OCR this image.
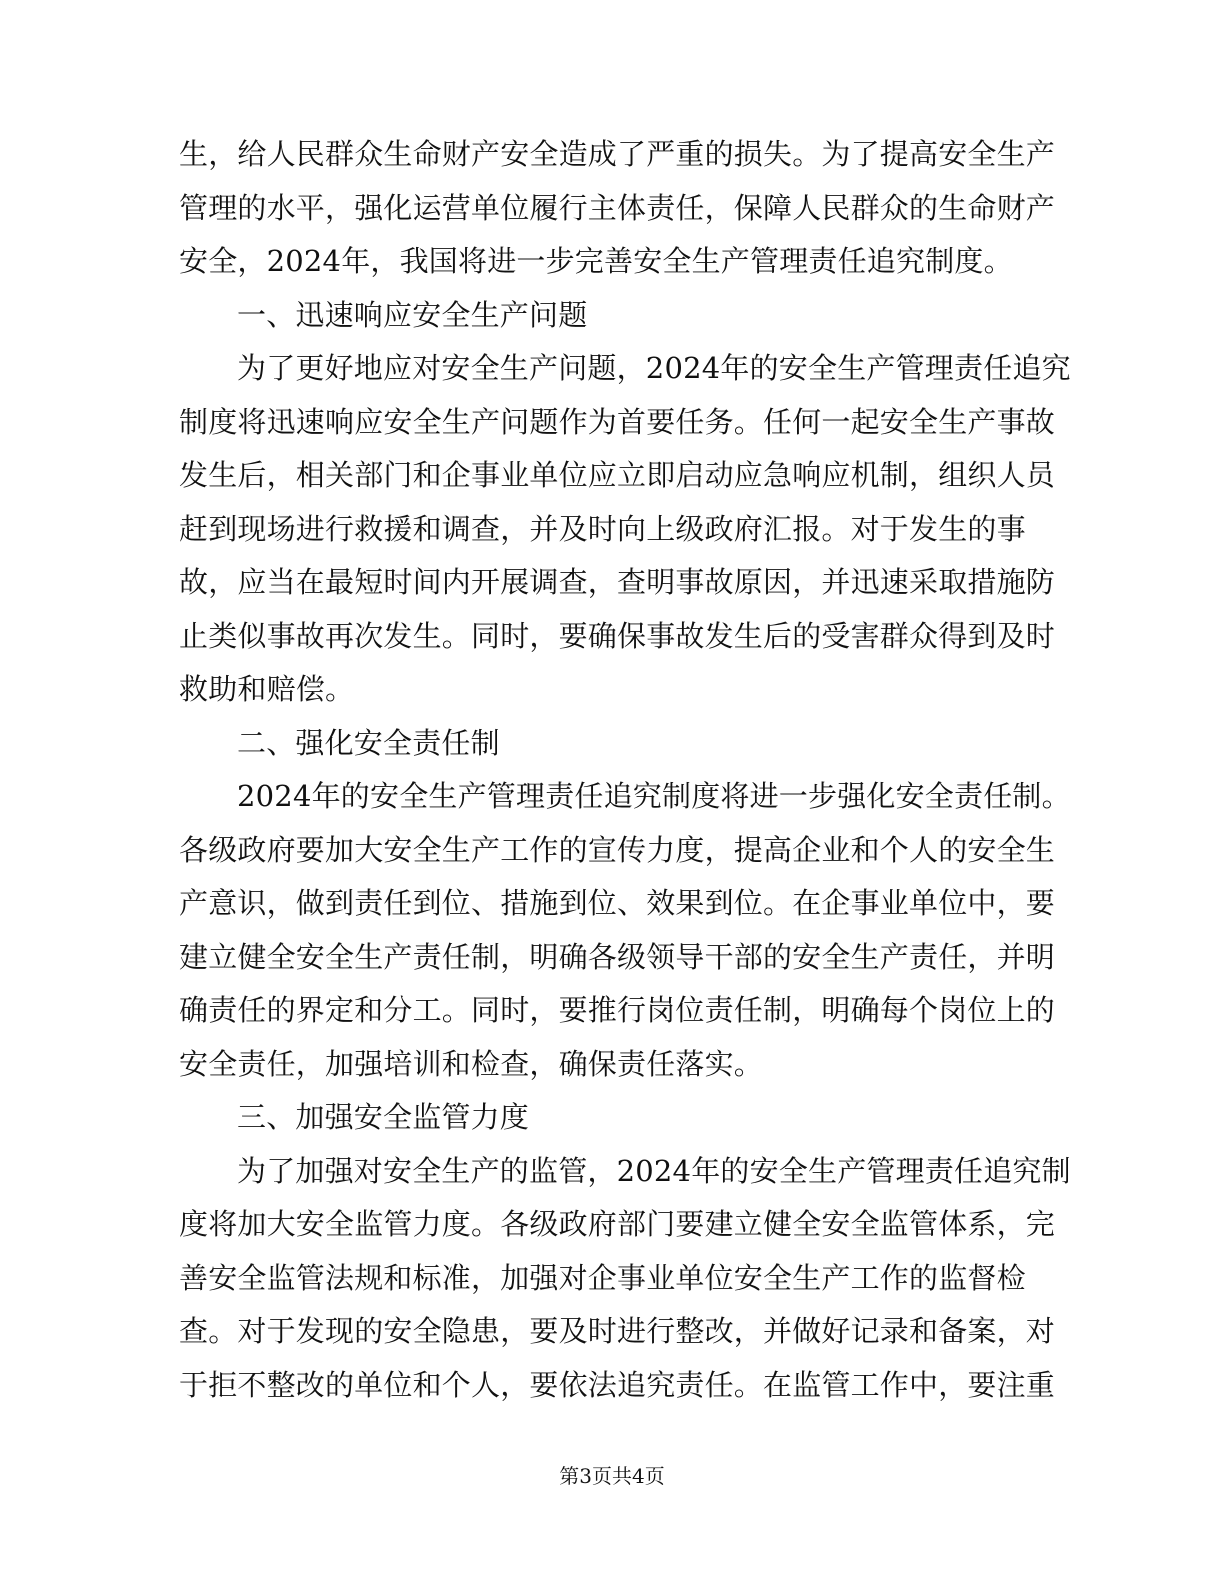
生，给人民群众生命财产安全造成了严重的损失。为了提高安全生产
管理的水平，强化运营单位履行主体责任，保障人民群众的生命财产
安全，2024年，我国将进一步完善安全生产管理责任追究制度。
一、迅速响应安全生产问题
为了更好地应对安全生产问题，2024年的安全生产管理责任追究
制度将迅速响应安全生产问题作为首要任务。任何一起安全生产事故
发生后，相关部门和企事业单位应立即启动应急响应机制，组织人员
赶到现场进行救援和调查，并及时向上级政府汇报。对于发生的事
故，应当在最短时间内开展调查，查明事故原因，并迅速采取措施防
止类似事故再次发生。同时，要确保事故发生后的受害群众得到及时
救助和赔偿。
二、强化安全责任制
2024年的安全生产管理责任追究制度将进一步强化安全责任制。
各级政府要加大安全生产工作的宣传力度，提高企业和个人的安全生
产意识，做到责任到位、措施到位、效果到位。在企事业单位中，要
建立健全安全生产责任制，明确各级领导干部的安全生产责任，并明
确责任的界定和分工。同时，要推行岗位责任制，明确每个岗位上的
安全责任，加强培训和检查，确保责任落实。
三、加强安全监管力度
为了加强对安全生产的监管，2024年的安全生产管理责任追究制
度将加大安全监管力度。各级政府部门要建立健全安全监管体系，完
善安全监管法规和标准，加强对企事业单位安全生产工作的监督检
查。对于发现的安全隐患，要及时进行整改，并做好记录和备案，对
于拒不整改的单位和个人，要依法追究责任。在监管工作中，要注重
第3页共4页
